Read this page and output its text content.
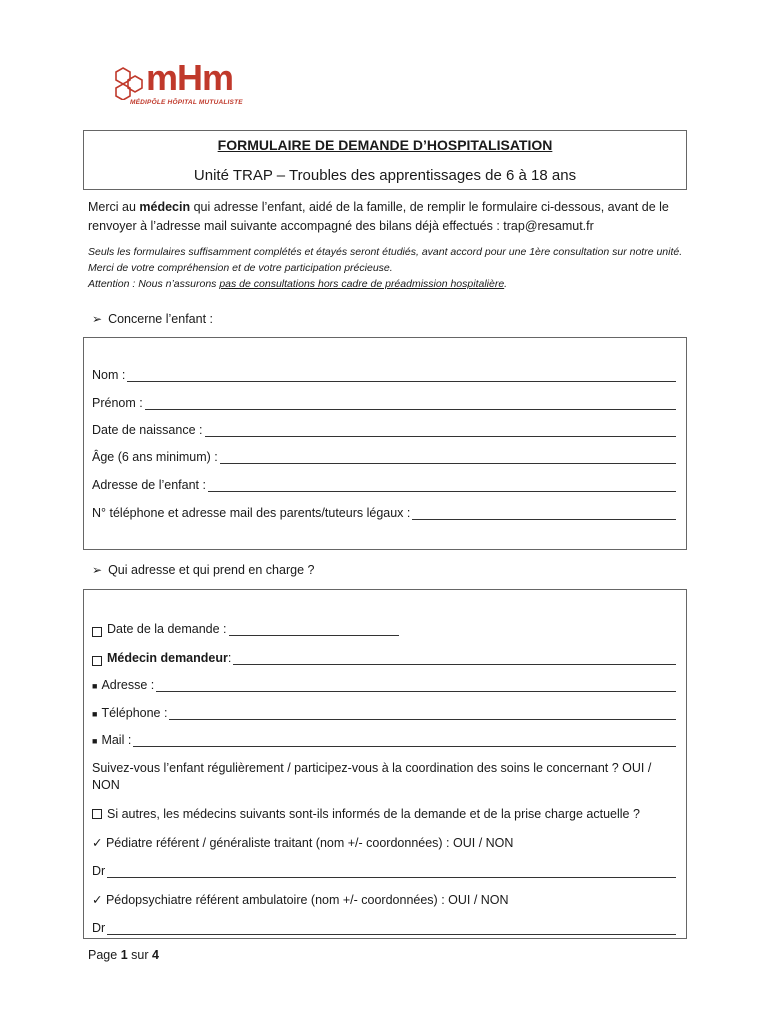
mHm
MÉDIPÔLE HÔPITAL MUTUALISTE
FORMULAIRE DE DEMANDE D’HOSPITALISATION
Unité TRAP – Troubles des apprentissages de 6 à 18 ans
Merci au médecin qui adresse l’enfant, aidé de la famille, de remplir le formulaire ci-dessous, avant de le renvoyer à l’adresse mail suivante accompagné des bilans déjà effectués : trap@resamut.fr
Seuls les formulaires suffisamment complétés et étayés seront étudiés, avant accord pour une 1ère consultation sur notre unité. Merci de votre compréhension et de votre participation précieuse.
Attention : Nous n’assurons pas de consultations hors cadre de préadmission hospitalière.
➢ Concerne l’enfant :
Nom :
Prénom :
Date de naissance :
Âge (6 ans minimum) :
Adresse de l’enfant :
N° téléphone et adresse mail des parents/tuteurs légaux :
➢ Qui adresse et qui prend en charge ?
Date de la demande :
Médecin demandeur :
■ Adresse :
■ Téléphone :
■ Mail :
Suivez-vous l’enfant régulièrement / participez-vous à la coordination des soins le concernant ? OUI / NON
Si autres, les médecins suivants sont-ils informés de la demande et de la prise charge actuelle ?
✓ Pédiatre référent / généraliste traitant (nom +/- coordonnées) : OUI / NON
Dr
✓ Pédopsychiatre référent ambulatoire (nom +/- coordonnées) : OUI / NON
Dr
Page 1 sur 4
